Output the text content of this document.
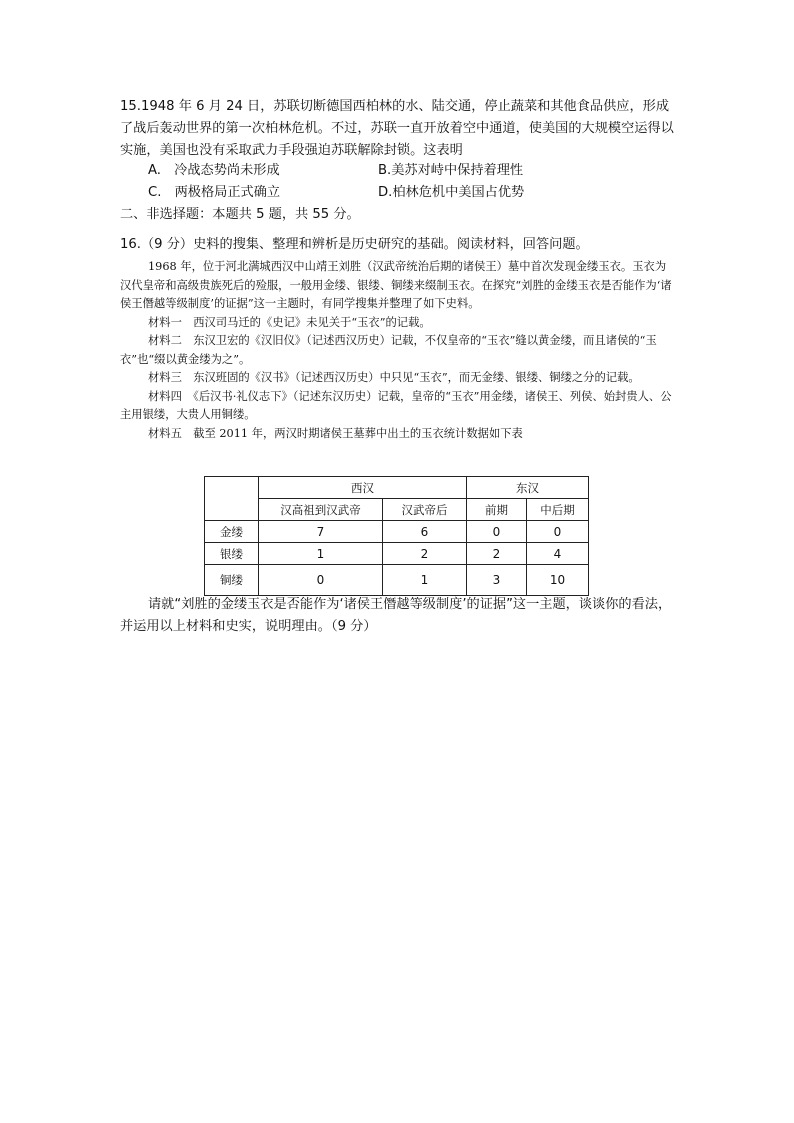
15.1948 年 6 月 24 日，苏联切断德国西柏林的水、陆交通，停止蔬菜和其他食品供应，形成了战后轰动世界的第一次柏林危机。不过，苏联一直开放着空中通道，使美国的大规模空运得以实施，美国也没有采取武力手段强迫苏联解除封锁。这表明
A.　冷战态势尚未形成	B.美苏对峙中保持着理性
C.　两极格局正式确立	D.柏林危机中美国占优势
二、非选择题：本题共 5 题，共 55 分。
16.（9 分）史料的搜集、整理和辨析是历史研究的基础。阅读材料，回答问题。

1968 年，位于河北满城西汉中山靖王刘胜（汉武帝统治后期的诸侯王）墓中首次发现金缕玉衣。玉衣为汉代皇帝和高级贵族死后的殓服，一般用金缕、银缕、铜缕来缀制玉衣。在探究“刘胜的金缕玉衣是否能作为‘诸侯王僭越等级制度’的证据”这一主题时，有同学搜集并整理了如下史料。

材料一　西汉司马迁的《史记》未见关于“玉衣”的记载。

材料二　东汉卫宏的《汉旧仪》（记述西汉历史）记载，不仅皇帝的“玉衣”缝以黄金缕，而且诸侯的“玉衣”也“缀以黄金缕为之”。

材料三　东汉班固的《汉书》（记述西汉历史）中只见“玉衣”，而无金缕、银缕、铜缕之分的记载。

材料四　《后汉书·礼仪志下》（记述东汉历史）记载，皇帝的“玉衣”用金缕，诸侯王、列侯、始封贵人、公主用银缕，大贵人用铜缕。

材料五　截至 2011 年，两汉时期诸侯王墓葬中出土的玉衣统计数据如下表

	西汉		东汉	
	汉高祖到汉武帝	汉武帝后	前期	中后期
金缕	7	6	0	0
银缕	1	2	2	4
铜缕	0	1	3	10
请就“刘胜的金缕玉衣是否能作为‘诸侯王僭越等级制度’的证据”这一主题，谈谈你的看法，并运用以上材料和史实，说明理由。（9 分）
